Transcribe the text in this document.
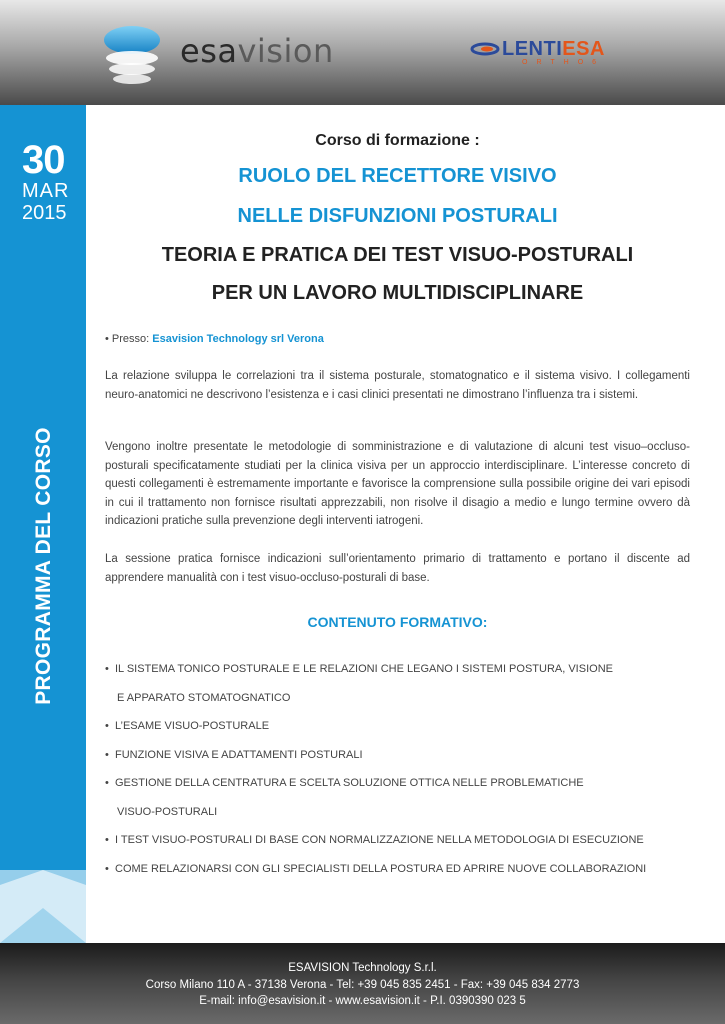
esavision	LENTIESA
ORTHO6
30
MAR
2015
PROGRAMMA DEL CORSO
Corso di formazione :
RUOLO DEL RECETTORE VISIVO
NELLE DISFUNZIONI POSTURALI
TEORIA E PRATICA DEI TEST VISUO-POSTURALI
PER UN LAVORO MULTIDISCIPLINARE
• Presso: Esavision Technology srl Verona
La relazione sviluppa le correlazioni tra il sistema posturale, stomatognatico e il sistema visivo. I collegamenti neuro-anatomici ne descrivono l’esistenza e i casi clinici presentati ne dimostrano l’influenza tra i sistemi.
Vengono inoltre presentate le metodologie di somministrazione e di valutazione di alcuni test visuo–occluso-posturali specificatamente studiati per la clinica visiva per un approccio interdisciplinare. L’interesse concreto di questi collegamenti è estremamente importante e favorisce la comprensione sulla possibile origine dei vari episodi in cui il trattamento non fornisce risultati apprezzabili, non risolve il disagio a medio e lungo termine ovvero dà indicazioni pratiche sulla prevenzione degli interventi iatrogeni.
La sessione pratica fornisce indicazioni sull’orientamento primario di trattamento e portano il discente ad apprendere manualità con i test visuo-occluso-posturali di base.
CONTENUTO FORMATIVO:
• IL SISTEMA TONICO POSTURALE E LE RELAZIONI CHE LEGANO I SISTEMI POSTURA, VISIONE
E APPARATO STOMATOGNATICO
• L’ESAME VISUO-POSTURALE
• FUNZIONE VISIVA E ADATTAMENTI POSTURALI
• GESTIONE DELLA CENTRATURA E SCELTA SOLUZIONE OTTICA NELLE PROBLEMATICHE
VISUO-POSTURALI
• I TEST VISUO-POSTURALI DI BASE CON NORMALIZZAZIONE NELLA METODOLOGIA DI ESECUZIONE
• COME RELAZIONARSI CON GLI SPECIALISTI DELLA POSTURA ED APRIRE NUOVE COLLABORAZIONI
ESAVISION Technology S.r.l.
Corso Milano 110 A - 37138 Verona - Tel: +39 045 835 2451 - Fax: +39 045 834 2773
E-mail: info@esavision.it - www.esavision.it - P.I. 0390390 023 5
